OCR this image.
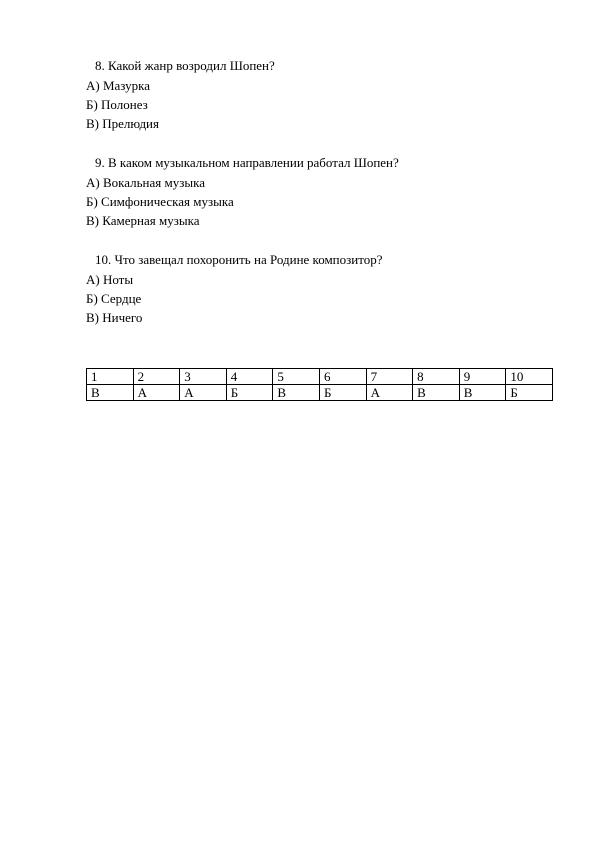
8. Какой жанр возродил Шопен?
А) Мазурка
Б) Полонез
В) Прелюдия
9. В каком музыкальном направлении работал Шопен?
А) Вокальная музыка
Б) Симфоническая музыка
В) Камерная музыка
10. Что завещал похоронить на Родине композитор?
А) Ноты
Б) Сердце
В) Ничего
1	2	3	4	5	6	7	8	9	10
В	А	А	Б	В	Б	А	В	В	Б
